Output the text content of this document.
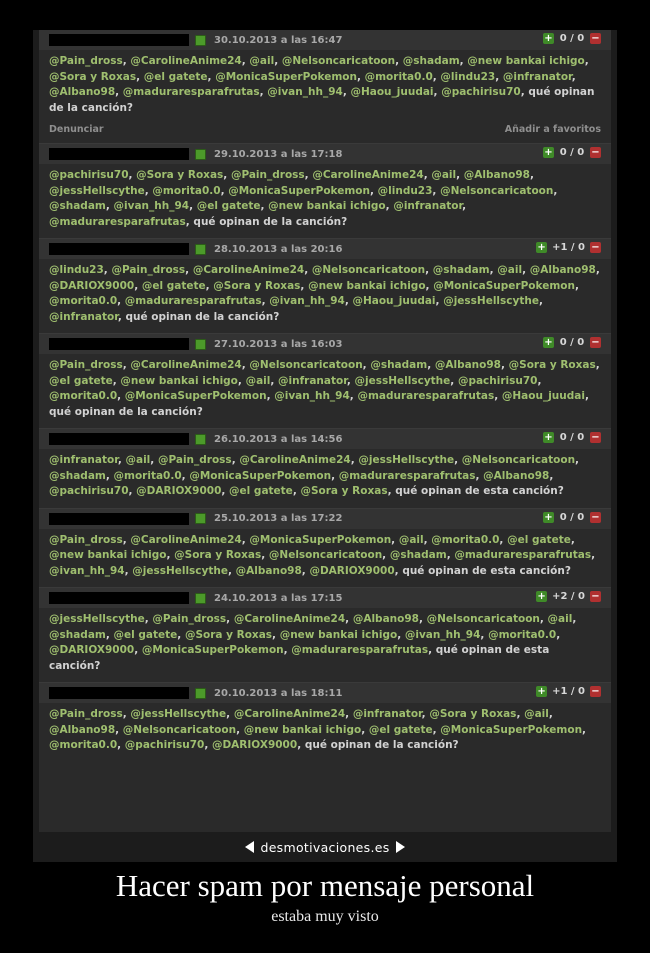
30.10.2013 a las 16:47	+ 0 / 0 −
@Pain_dross, @CarolineAnime24, @ail, @Nelsoncaricatoon, @shadam, @new bankai ichigo, @Sora y Roxas, @el gatete, @MonicaSuperPokemon, @morita0.0, @lindu23, @infranator, @Albano98, @maduraresparafrutas, @ivan_hh_94, @Haou_juudai, @pachirisu70, qué opinan de la canción?
Denunciar	Añadir a favoritos
29.10.2013 a las 17:18	+ 0 / 0 −
@pachirisu70, @Sora y Roxas, @Pain_dross, @CarolineAnime24, @ail, @Albano98, @jessHellscythe, @morita0.0, @MonicaSuperPokemon, @lindu23, @Nelsoncaricatoon, @shadam, @ivan_hh_94, @el gatete, @new bankai ichigo, @infranator, @maduraresparafrutas, qué opinan de la canción?
28.10.2013 a las 20:16	+ +1 / 0 −
@lindu23, @Pain_dross, @CarolineAnime24, @Nelsoncaricatoon, @shadam, @ail, @Albano98, @DARIOX9000, @el gatete, @Sora y Roxas, @new bankai ichigo, @MonicaSuperPokemon, @morita0.0, @maduraresparafrutas, @ivan_hh_94, @Haou_juudai, @jessHellscythe, @infranator, qué opinan de la canción?
27.10.2013 a las 16:03	+ 0 / 0 −
@Pain_dross, @CarolineAnime24, @Nelsoncaricatoon, @shadam, @Albano98, @Sora y Roxas, @el gatete, @new bankai ichigo, @ail, @infranator, @jessHellscythe, @pachirisu70, @morita0.0, @MonicaSuperPokemon, @ivan_hh_94, @maduraresparafrutas, @Haou_juudai, qué opinan de la canción?
26.10.2013 a las 14:56	+ 0 / 0 −
@infranator, @ail, @Pain_dross, @CarolineAnime24, @jessHellscythe, @Nelsoncaricatoon, @shadam, @morita0.0, @MonicaSuperPokemon, @maduraresparafrutas, @Albano98, @pachirisu70, @DARIOX9000, @el gatete, @Sora y Roxas, qué opinan de esta canción?
25.10.2013 a las 17:22	+ 0 / 0 −
@Pain_dross, @CarolineAnime24, @MonicaSuperPokemon, @ail, @morita0.0, @el gatete, @new bankai ichigo, @Sora y Roxas, @Nelsoncaricatoon, @shadam, @maduraresparafrutas, @ivan_hh_94, @jessHellscythe, @Albano98, @DARIOX9000, qué opinan de esta canción?
24.10.2013 a las 17:15	+ +2 / 0 −
@jessHellscythe, @Pain_dross, @CarolineAnime24, @Albano98, @Nelsoncaricatoon, @ail, @shadam, @el gatete, @Sora y Roxas, @new bankai ichigo, @ivan_hh_94, @morita0.0, @DARIOX9000, @MonicaSuperPokemon, @maduraresparafrutas, qué opinan de esta canción?
20.10.2013 a las 18:11	+ +1 / 0 −
@Pain_dross, @jessHellscythe, @CarolineAnime24, @infranator, @Sora y Roxas, @ail, @Albano98, @Nelsoncaricatoon, @new bankai ichigo, @el gatete, @MonicaSuperPokemon, @morita0.0, @pachirisu70, @DARIOX9000, qué opinan de la canción?
desmotivaciones.es
Hacer spam por mensaje personal
estaba muy visto
